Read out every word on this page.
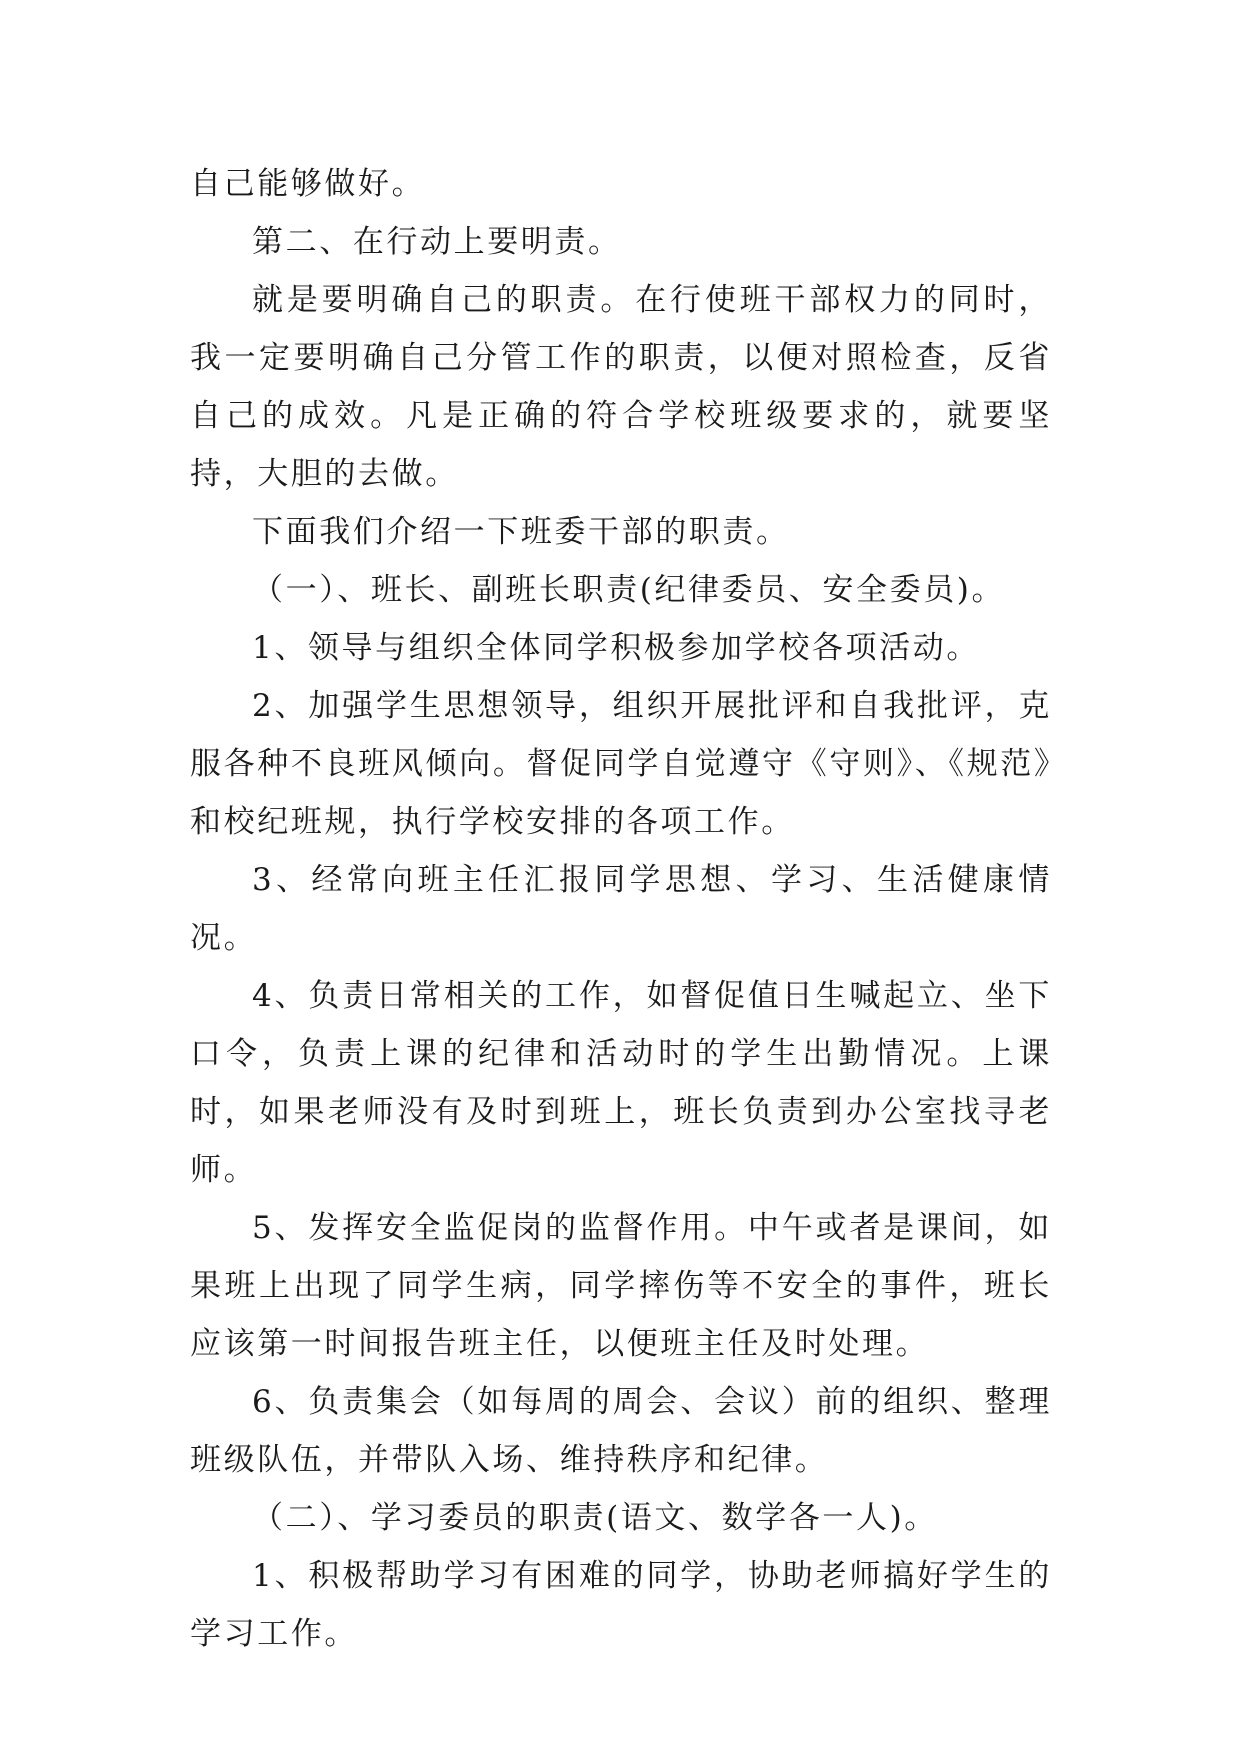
自己能够做好。

第二、在行动上要明责。

就是要明确自己的职责。在行使班干部权力的同时，我一定要明确自己分管工作的职责，以便对照检查，反省自己的成效。凡是正确的符合学校班级要求的，就要坚持，大胆的去做。

下面我们介绍一下班委干部的职责。

（一）、班长、副班长职责(纪律委员、安全委员)。

1、领导与组织全体同学积极参加学校各项活动。

2、加强学生思想领导，组织开展批评和自我批评，克服各种不良班风倾向。督促同学自觉遵守《守则》、《规范》和校纪班规，执行学校安排的各项工作。

3、经常向班主任汇报同学思想、学习、生活健康情况。

4、负责日常相关的工作，如督促值日生喊起立、坐下口令，负责上课的纪律和活动时的学生出勤情况。上课时，如果老师没有及时到班上，班长负责到办公室找寻老师。

5、发挥安全监促岗的监督作用。中午或者是课间，如果班上出现了同学生病，同学摔伤等不安全的事件，班长应该第一时间报告班主任，以便班主任及时处理。

6、负责集会（如每周的周会、会议）前的组织、整理班级队伍，并带队入场、维持秩序和纪律。

（二）、学习委员的职责(语文、数学各一人)。

1、积极帮助学习有困难的同学，协助老师搞好学生的学习工作。
